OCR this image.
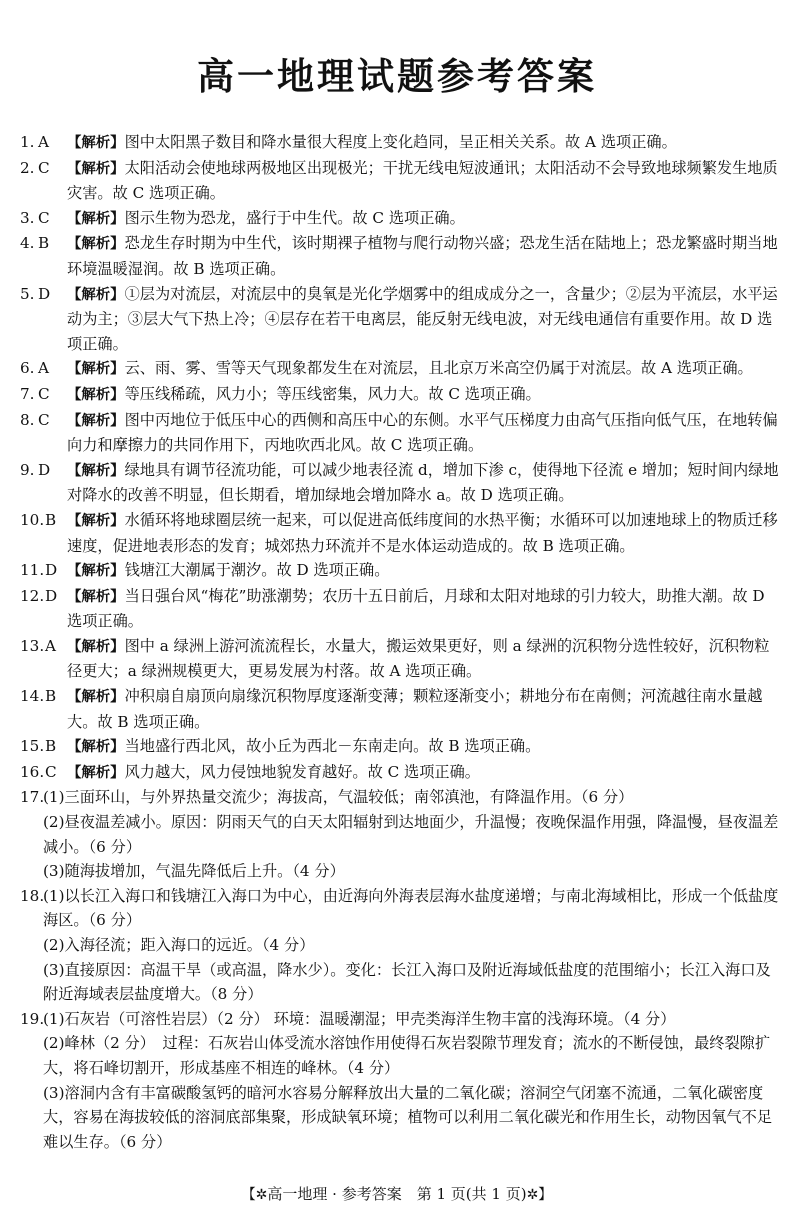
高一地理试题参考答案
1. A	【解析】图中太阳黑子数目和降水量很大程度上变化趋同，呈正相关关系。故 A 选项正确。
2. C	【解析】太阳活动会使地球两极地区出现极光；干扰无线电短波通讯；太阳活动不会导致地球频繁发生地质灾害。故 C 选项正确。
3. C	【解析】图示生物为恐龙，盛行于中生代。故 C 选项正确。
4. B	【解析】恐龙生存时期为中生代，该时期裸子植物与爬行动物兴盛；恐龙生活在陆地上；恐龙繁盛时期当地环境温暖湿润。故 B 选项正确。
5. D	【解析】①层为对流层，对流层中的臭氧是光化学烟雾中的组成成分之一，含量少；②层为平流层，水平运动为主；③层大气下热上冷；④层存在若干电离层，能反射无线电波，对无线电通信有重要作用。故 D 选项正确。
6. A	【解析】云、雨、雾、雪等天气现象都发生在对流层，且北京万米高空仍属于对流层。故 A 选项正确。
7. C	【解析】等压线稀疏，风力小；等压线密集，风力大。故 C 选项正确。
8. C	【解析】图中丙地位于低压中心的西侧和高压中心的东侧。水平气压梯度力由高气压指向低气压，在地转偏向力和摩擦力的共同作用下，丙地吹西北风。故 C 选项正确。
9. D	【解析】绿地具有调节径流功能，可以减少地表径流 d，增加下渗 c，使得地下径流 e 增加；短时间内绿地对降水的改善不明显，但长期看，增加绿地会增加降水 a。故 D 选项正确。
10. B 【解析】水循环将地球圈层统一起来，可以促进高低纬度间的水热平衡；水循环可以加速地球上的物质迁移速度，促进地表形态的发育；城郊热力环流并不是水体运动造成的。故 B 选项正确。
11. D 【解析】钱塘江大潮属于潮汐。故 D 选项正确。
12. D 【解析】当日强台风“梅花”助涨潮势；农历十五日前后，月球和太阳对地球的引力较大，助推大潮。故 D 选项正确。
13. A 【解析】图中 a 绿洲上游河流流程长，水量大，搬运效果更好，则 a 绿洲的沉积物分选性较好，沉积物粒径更大；a 绿洲规模更大，更易发展为村落。故 A 选项正确。
14. B 【解析】冲积扇自扇顶向扇缘沉积物厚度逐渐变薄；颗粒逐渐变小；耕地分布在南侧；河流越往南水量越大。故 B 选项正确。
15. B 【解析】当地盛行西北风，故小丘为西北－东南走向。故 B 选项正确。
16. C 【解析】风力越大，风力侵蚀地貌发育越好。故 C 选项正确。
17.
(1)三面环山，与外界热量交流少；海拔高，气温较低；南邻滇池，有降温作用。（6 分）
(2)昼夜温差减小。原因：阴雨天气的白天太阳辐射到达地面少，升温慢；夜晚保温作用强，降温慢，昼夜温差减小。（6 分）
(3)随海拔增加，气温先降低后上升。（4 分）
18.
(1)以长江入海口和钱塘江入海口为中心，由近海向外海表层海水盐度递增；与南北海域相比，形成一个低盐度海区。（6 分）
(2)入海径流；距入海口的远近。（4 分）
(3)直接原因：高温干旱（或高温，降水少）。变化：长江入海口及附近海域低盐度的范围缩小；长江入海口及附近海域表层盐度增大。（8 分）
19.
(1)石灰岩（可溶性岩层）（2 分） 环境：温暖潮湿；甲壳类海洋生物丰富的浅海环境。（4 分）
(2)峰林（2 分）　过程：石灰岩山体受流水溶蚀作用使得石灰岩裂隙节理发育；流水的不断侵蚀，最终裂隙扩大，将石峰切割开，形成基座不相连的峰林。（4 分）
(3)溶洞内含有丰富碳酸氢钙的暗河水容易分解释放出大量的二氧化碳；溶洞空气闭塞不流通，二氧化碳密度大，容易在海拔较低的溶洞底部集聚，形成缺氧环境；植物可以利用二氧化碳光和作用生长，动物因氧气不足难以生存。（6 分）
【✲高一地理 · 参考答案　第 1 页(共 1 页)✲】
